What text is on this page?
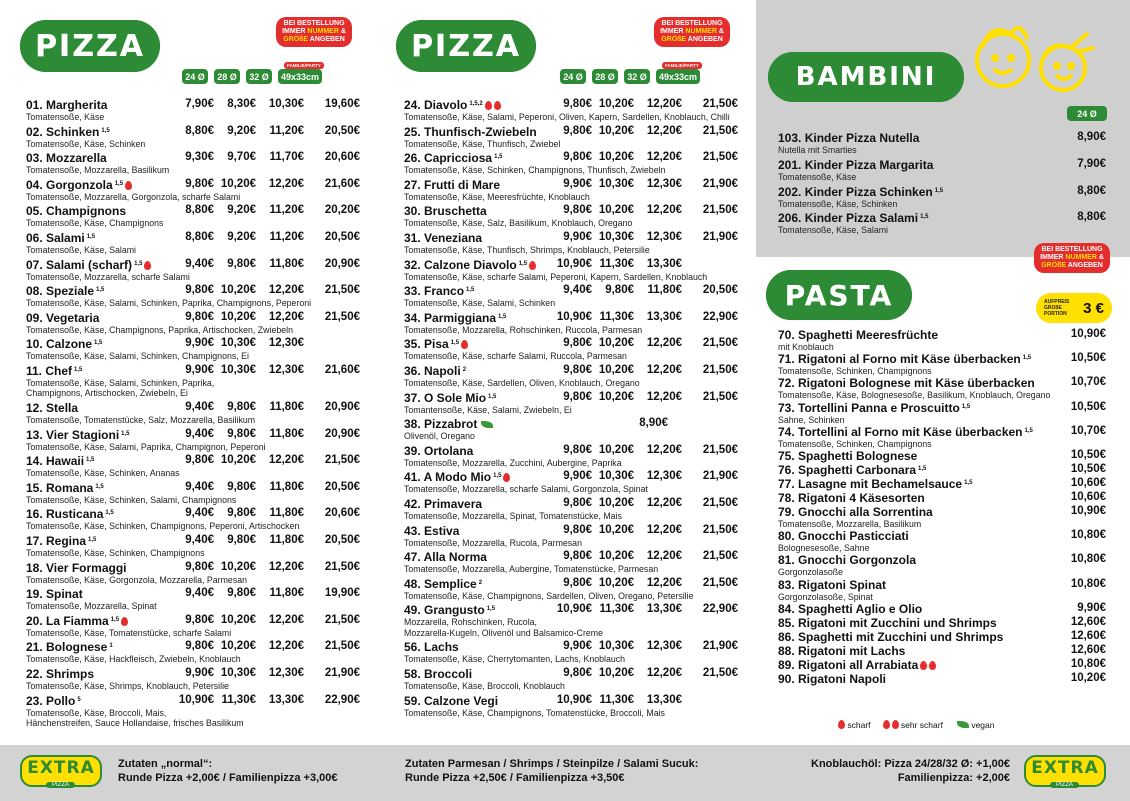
PIZZA
BEI BESTELLUNG
IMMER NUMMER &
GRÖßE ANGEBEN
24 Ø 28 Ø 32 Ø 49x33cm
FAMILIE/PARTY
01. Margherita	7,90€ 8,30€ 10,30€ 19,60€
Tomatensoße, Käse
02. Schinken $^{1,5}$	8,80€ 9,20€ 11,20€ 20,50€
Tomatensoße, Käse, Schinken
03. Mozzarella	9,30€ 9,70€ 11,70€ 20,60€
Tomatensoße, Mozzarella, Basilikum
04. Gorgonzola $^{1,5}$	9,80€ 10,20€ 12,20€ 21,60€
Tomatensoße, Mozzarella, Gorgonzola, scharfe Salami
05. Champignons	8,80€ 9,20€ 11,20€ 20,20€
Tomatensoße, Käse, Champignons
06. Salami $^{1,5}$	8,80€ 9,20€ 11,20€ 20,50€
Tomatensoße, Käse, Salami
07. Salami (scharf) $^{1,5}$	9,40€ 9,80€ 11,80€ 20,90€
Tomatensoße, Mozzarella, scharfe Salami
08. Speziale $^{1,5}$	9,80€ 10,20€ 12,20€ 21,50€
Tomatensoße, Käse, Salami, Schinken, Paprika, Champignons, Peperoni
09. Vegetaria	9,80€ 10,20€ 12,20€ 21,50€
Tomatensoße, Käse, Champignons, Paprika, Artischocken, Zwiebeln
10. Calzone $^{1,5}$	9,90€ 10,30€ 12,30€
Tomatensoße, Käse, Salami, Schinken, Champignons, Ei
11. Chef $^{1,5}$	9,90€ 10,30€ 12,30€ 21,60€
Tomatensoße, Käse, Salami, Schinken, Paprika,
Champignons, Artischocken, Zwiebeln, Ei
12. Stella	9,40€ 9,80€ 11,80€ 20,90€
Tomatensoße, Tomatenstücke, Salz, Mozzarella, Basilikum
13. Vier Stagioni $^{1,5}$	9,40€ 9,80€ 11,80€ 20,90€
Tomatensoße, Käse, Salami, Paprika, Champignon, Peperoni
14. Hawaii $^{1,5}$	9,80€ 10,20€ 12,20€ 21,50€
Tomatensoße, Käse, Schinken, Ananas
15. Romana $^{1,5}$	9,40€ 9,80€ 11,80€ 20,50€
Tomatensoße, Käse, Schinken, Salami, Champignons
16. Rusticana $^{1,5}$	9,40€ 9,80€ 11,80€ 20,60€
Tomatensoße, Käse, Schinken, Champignons, Peperoni, Artischocken
17. Regina $^{1,5}$	9,40€ 9,80€ 11,80€ 20,50€
Tomatensoße, Käse, Schinken, Champignons
18. Vier Formaggi	9,80€ 10,20€ 12,20€ 21,50€
Tomatensoße, Käse, Gorgonzola, Mozzarella, Parmesan
19. Spinat	9,40€ 9,80€ 11,80€ 19,90€
Tomatensoße, Mozzarella, Spinat
20. La Fiamma $^{1,5}$	9,80€ 10,20€ 12,20€ 21,50€
Tomatensoße, Käse, Tomatenstücke, scharfe Salami
21. Bolognese $^1$	9,80€ 10,20€ 12,20€ 21,50€
Tomatensoße, Käse, Hackfleisch, Zwiebeln, Knoblauch
22. Shrimps	9,90€ 10,30€ 12,30€ 21,90€
Tomatensoße, Käse, Shrimps, Knoblauch, Petersilie
23. Pollo $^5$	10,90€ 11,30€ 13,30€ 22,90€
Tomatensoße, Käse, Broccoli, Mais,
Hänchenstreifen, Sauce Hollandaise, frisches Basilikum
PIZZA
BEI BESTELLUNG
IMMER NUMMER &
GRÖßE ANGEBEN
24 Ø 28 Ø 32 Ø 49x33cm
FAMILIE/PARTY
24. Diavolo $^{1,5,2}$	9,80€ 10,20€ 12,20€ 21,50€
Tomatensoße, Käse, Salami, Peperoni, Oliven, Kapern, Sardellen, Knoblauch, Chilli
25. Thunfisch-Zwiebeln 9,80€ 10,20€ 12,20€ 21,50€
Tomatensoße, Käse, Thunfisch, Zwiebel
26. Capricciosa $^{1,5}$	9,80€ 10,20€ 12,20€ 21,50€
Tomatensoße, Käse, Schinken, Champignons, Thunfisch, Zwiebeln
27. Frutti di Mare	9,90€ 10,30€ 12,30€ 21,90€
Tomatensoße, Käse, Meeresfrüchte, Knoblauch
30. Bruschetta	9,80€ 10,20€ 12,20€ 21,50€
Tomatensoße, Käse, Salz, Basilikum, Knoblauch, Oregano
31. Veneziana	9,90€ 10,30€ 12,30€ 21,90€
Tomatensoße, Käse, Thunfisch, Shrimps, Knoblauch, Petersilie
32. Calzone Diavolo $^{1,5}$	10,90€ 11,30€ 13,30€
Tomatensoße, Käse, scharfe Salami, Peperoni, Kapern, Sardellen, Knoblauch
33. Franco $^{1,5}$	9,40€ 9,80€ 11,80€ 20,50€
Tomatensoße, Käse, Salami, Schinken
34. Parmiggiana $^{1,5}$	10,90€ 11,30€ 13,30€ 22,90€
Tomatensoße, Mozzarella, Rohschinken, Ruccola, Parmesan
35. Pisa $^{1,5}$	9,80€ 10,20€ 12,20€ 21,50€
Tomatensoße, Käse, scharfe Salami, Ruccola, Parmesan
36. Napoli $^2$	9,80€ 10,20€ 12,20€ 21,50€
Tomatensoße, Käse, Sardellen, Oliven, Knoblauch, Oregano
37. O Sole Mio $^{1,5}$	9,80€ 10,20€ 12,20€ 21,50€
Tomantensoße, Käse, Salami, Zwiebeln, Ei
38. Pizzabrot	8,90€
Olivenöl, Oregano
39. Ortolana	9,80€ 10,20€ 12,20€ 21,50€
Tomatensoße, Mozzarella, Zucchini, Aubergine, Paprika
41. A Modo Mio $^{1,5}$	9,90€ 10,30€ 12,30€ 21,90€
Tomatensoße, Mozzarella, scharfe Salami, Gorgonzola, Spinat
42. Primavera	9,80€ 10,20€ 12,20€ 21,50€
Tomatensoße, Mozzarella, Spinat, Tomatenstücke, Mais
43. Estiva	9,80€ 10,20€ 12,20€ 21,50€
Tomatensoße, Mozzarella, Rucola, Parmesan
47. Alla Norma	9,80€ 10,20€ 12,20€ 21,50€
Tomatensoße, Mozzarella, Aubergine, Tomatenstücke, Parmesan
48. Semplice $^2$	9,80€ 10,20€ 12,20€ 21,50€
Tomatensoße, Käse, Champignons, Sardellen, Oliven, Oregano, Petersilie
49. Grangusto $^{1,5}$	10,90€ 11,30€ 13,30€ 22,90€
Mozzarella, Rohschinken, Rucola,
Mozzarella-Kugeln, Olivenöl und Balsamico-Creme
56. Lachs	9,90€ 10,30€ 12,30€ 21,90€
Tomatensoße, Käse, Cherrytomanten, Lachs, Knoblauch
58. Broccoli	9,80€ 10,20€ 12,20€ 21,50€
Tomatensoße, Käse, Broccoli, Knoblauch
59. Calzone Vegi	10,90€ 11,30€ 13,30€
Tomatensoße, Käse, Champignons, Tomatenstücke, Broccoli, Mais
BAMBINI
103. Kinder Pizza Nutella	8,90€
Nutella mit Smarties
201. Kinder Pizza Margarita	7,90€
Tomatensoße, Käse
202. Kinder Pizza Schinken $^{1,5}$	8,80€
Tomatensoße, Käse, Schinken
206. Kinder Pizza Salami $^{1,5}$	8,80€
Tomatensoße, Käse, Salami
PASTA
BEI BESTELLUNG
IMMER NUMMER &
GRÖßE ANGEBEN
70. Spaghetti Meeresfrüchte	10,90€
mit Knoblauch
71. Rigatoni al Forno mit Käse überbacken $^{1,5}$	10,50€
Tomatensoße, Schinken, Champignons
72. Rigatoni Bolognese mit Käse überbacken	10,70€
Tomatensoße, Käse, Bolognesesoße, Basilikum, Knoblauch, Oregano
73. Tortellini Panna e Proscuitto $^{1,5}$	10,50€
Sahne, Schinken
74. Tortellini al Forno mit Käse überbacken $^{1,5}$	10,70€
Tomatensoße, Schinken, Champignons
75. Spaghetti Bolognese	10,50€
76. Spaghetti Carbonara $^{1,5}$	10,50€
77. Lasagne mit Bechamelsauce $^{1,5}$	10,60€
78. Rigatoni 4 Käsesorten	10,60€
79. Gnocchi alla Sorrentina	10,90€
Tomatensoße, Mozzarella, Basilikum
80. Gnocchi Pasticciati	10,80€
Bolognesesoße, Sahne
81. Gnocchi Gorgonzola	10,80€
Gorgonzolasoße
83. Rigatoni Spinat	10,80€
Gorgonzolasoße, Spinat
84. Spaghetti Aglio e Olio	9,90€
85. Rigatoni mit Zucchini und Shrimps	12,60€
86. Spaghetti mit Zucchini und Shrimps	12,60€
88. Rigatoni mit Lachs	12,60€
89. Rigatoni all Arrabiata	10,80€
90. Rigatoni Napoli	10,20€
24 Ø
AUFPREIS
GROßE
PORTION 3 €
scharf	sehr scharf	vegan
EXTRA
PIZZA
Zutaten „normal“:
Runde Pizza +2,00€ / Familienpizza +3,00€
Zutaten Parmesan / Shrimps / Steinpilze / Salami Sucuk:
Runde Pizza +2,50€ / Familienpizza +3,50€
Knoblauchöl: Pizza 24/28/32 Ø: +1,00€
Familienpizza: +2,00€	EXTRA
PIZZA
